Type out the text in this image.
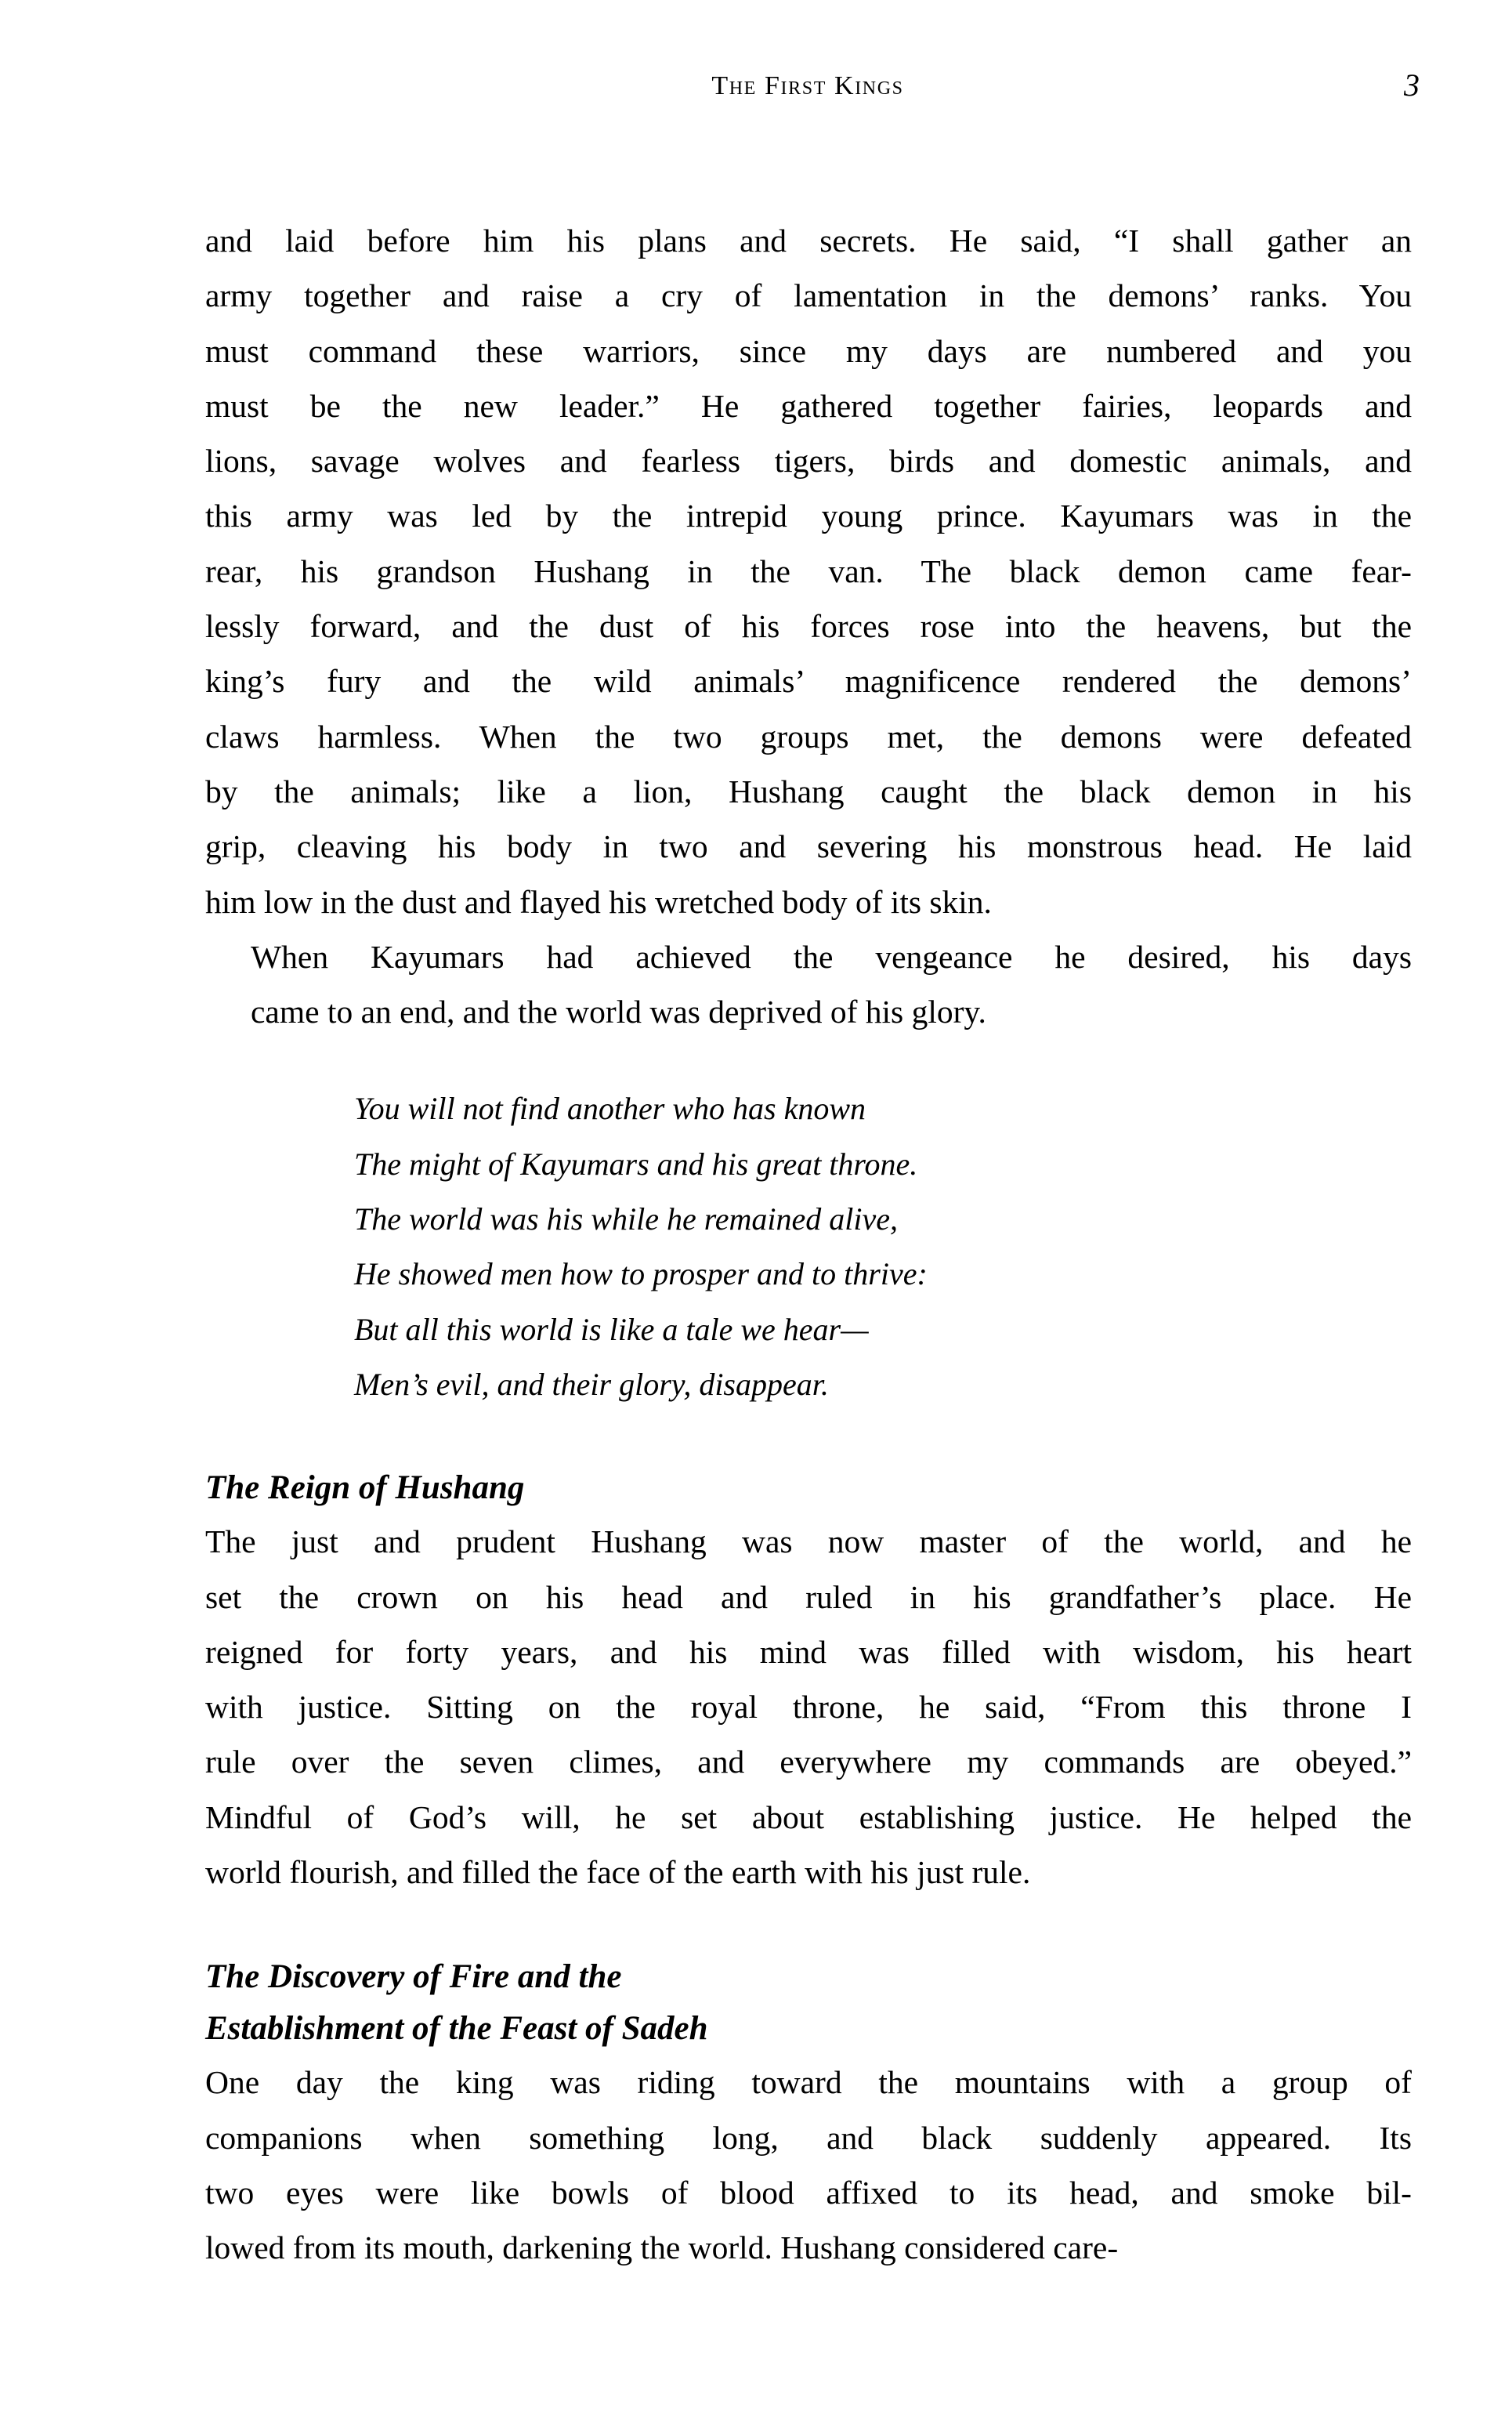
The First Kings	3

and laid before him his plans and secrets. He said, “I shall gather an
army together and raise a cry of lamentation in the demons’ ranks. You
must command these warriors, since my days are numbered and you
must be the new leader.” He gathered together fairies, leopards and
lions, savage wolves and fearless tigers, birds and domestic animals, and
this army was led by the intrepid young prince. Kayumars was in the
rear, his grandson Hushang in the van. The black demon came fear-
lessly forward, and the dust of his forces rose into the heavens, but the
king’s fury and the wild animals’ magnificence rendered the demons’
claws harmless. When the two groups met, the demons were defeated
by the animals; like a lion, Hushang caught the black demon in his
grip, cleaving his body in two and severing his monstrous head. He laid
him low in the dust and flayed his wretched body of its skin.

When Kayumars had achieved the vengeance he desired, his days
came to an end, and the world was deprived of his glory.

You will not find another who has known
The might of Kayumars and his great throne.
The world was his while he remained alive,
He showed men how to prosper and to thrive:
But all this world is like a tale we hear—
Men’s evil, and their glory, disappear.
The Reign of Hushang

The just and prudent Hushang was now master of the world, and he
set the crown on his head and ruled in his grandfather’s place. He
reigned for forty years, and his mind was filled with wisdom, his heart
with justice. Sitting on the royal throne, he said, “From this throne I
rule over the seven climes, and everywhere my commands are obeyed.”
Mindful of God’s will, he set about establishing justice. He helped the
world flourish, and filled the face of the earth with his just rule.

The Discovery of Fire and the
Establishment of the Feast of Sadeh

One day the king was riding toward the mountains with a group of
companions when something long, and black suddenly appeared. Its
two eyes were like bowls of blood affixed to its head, and smoke bil-
lowed from its mouth, darkening the world. Hushang considered care-
